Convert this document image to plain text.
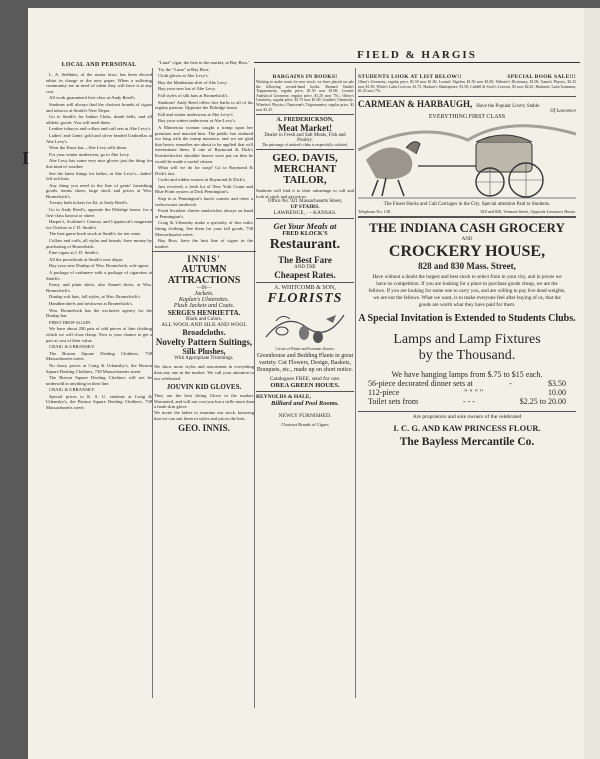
I
FIELD & HARGIS
LOCAL AND PERSONAL

L. A. Stebbins, of the senior laws, has been elected editor in charge or the new paper. When a suffering community are in need of talent they will have it at any cost.

All work guaranteed first-class at Andy Reed's.

Students will always find the choicest brands of cigars and tobacco at Smith's New Depot.

Go to Smith's for Indian Clubs, dumb bells, and all athletic goods. You will need them.

Leather tobacco and collars and cuff sets at Abe Levy's.

Ladies' and Gents' gold and silver headed Umbrellas at Abe Levy's.

Wear the Knox hat—Abe Levy sells them.

For your winter underwear, go to Abe Levy.

Abe Levy has some very nice gloves just the thing for this kind of weather.

See the latest things for ladies, at Abe Levy's—ladies' felt soft hats.

Any thing you need in the line of gents' furnishing goods, tennis shoes, large stock and prices at Wm. Bromelsick's.

Twenty bath tickets for $2, at Andy Reed's.

Go to Andy Reed's, opposite the Eldridge house, for a first-class haircut or shave.

Harper's, Scribner's Century and Lippincott's magazine for October at J. D. Smith's.

The best game book stock at Smith's for ten cents.

Collars and cuffs, all styles and brands. Save money by purchasing of Bromelsick.

Fine cigars at J. D. Smith's.

All the periodicals at Smith's new depot.

Buy your new Dunlap of Wm. Bromelsick, sole agent.

A package of cashmere with a package of cigarettes at Smith's.

Fancy and plain shirts, also flannel shirts, at Wm. Bromelsick's.

Dunlap soft hats, fall styles, at Wm. Bromelsick's.

Handkerchiefs and neckwear at Bromelsick's.

Wm. Bromelsick has the exclusive agency for the Dunlap hat.

FIRST DROP AGAIN.

We have about 200 pair of odd pieces of fine clothing which we will close cheap. Now is your chance to get a pair at cost of their value.

CRAIG & URBANSKY.

The Boston Square Dealing Clothiers, 738 Massachusetts street.

No fancy prices at Craig & Urbansky's, the Boston Square Dealing Clothiers, 738 Massachusetts street.

The Boston Square Dealing Clothiers will not be undersold in anything in their line.

CRAIG & URBANSKY.

Special prices to K. S. U. students at Craig & Urbansky's, the Boston Square Dealing Clothiers, 738 Massachusetts street.

"Luna" cigar, the best in the market, at Bay Bros.'

Try the "Luna" at Bay Bros.'

Cloth gloves at Abe Levy's.

Buy the Manhattan shirt of Abe Levy.

Buy your new hat of Abe Levy.

Fall styles of silk hats at Bromelsick's.

Students! Andy Reed offers free baths to all of his regular patrons. Opposite the Eldridge house.

Fall and winter underwear at Abe Levy's.

Buy your winter underwear at Abe Levy's.

A Minnesota woman caught a tramp upon her premises and married him. The public has endured too long with the tramp nuisance, and we are glad that heroic remedies are about to be applied that will exterminate them. If one of Raymond & Dick's Knickerbocker shoulder braces were put on him he would be made a useful citizen.

What will we do for soap? Go to Raymond & Dick's fast.

Corks and rubber erasers at Raymond & Dick's.

Just received, a fresh lot of New York Count and Blue Point oysters at Dick Pennington's.

Step in at Pennington's lunch counter and chew a welsorwurst sandwich.

Fresh Swizlzer cheese sandwiches always on hand at Pennington's.

Craig & Urbansky make a specialty of fine tailor fitting clothing. See them for your fall goods, 738 Massachusetts street.

Bay Bros. have the best line of cigars in the market.

INNIS'
AUTUMN ATTRACTIONS
—IN—
Jackets.
Kaplan's Ulsterettes.
Plush Jackets and Coats.
SERGES HENRIETTA.
Black and Colors.
ALL WOOL AND SILK AND WOOL
Broadcloths.
Novelty Pattern Suitings,
Silk Plushes,
With Appropriate Trimmings.
We show more styles and assortment in everything than any one in the market. We call your attention to our celebrated
JOUVIN KID GLOVES.
They are the best fitting Glove in the market. Warranted, and will not cost you but a trifle more than a lamb skin glove.
We invite the ladies to examine our stock, knowing that we can suit them in styles and prices the best.
GEO. INNIS.
BARGAINS IN BOOKS!
Wishing to make room for new stock, we have placed on sale the following second-hand books. Barnard Smith's Trigonometry, regular price, $1.50 now $1.00; Loomis' Analytical Geometry, regular price, $1.25 now 75c.; Olney's Geometry, regular price, $1.75 now $1.00; Gaudin's Chemistry; Wheeler's Physics; Chauvenet's Trigonometry, regular price, $2 now $1.25.
A. FREDERICKSON,
Meat Market!
Dealer in Fresh and Salt Meats, Fish and Poultry.
The patronage of student's clubs is respectfully solicited.
GEO. DAVIS,
MERCHANT TAILOR,
Students will find it to their advantage to call and look at stock and get prices.
Office No. 921 Massachusetts Street,
UP STAIRS.
LAWRENCE, - - KANSAS.
Get Your Meals at
FRED KLOCK'S
Restaurant.
The Best Fare
AND THE
Cheapest Rates.
A. WHITCOMB & SON,
FLORISTS
Cut are of Winter and Economic flowers.
Greenhouse and Bedding Plants in great variety. Cut Flowers, Design, Baskets, Bouquets, etc., made up on short notice.
Catalogues FREE, send for one.
OREA GREEN HOUES.
REYNOLDS & HALE,
Billiard and Pool Rooms.
NEWLY FURNISHED.
Choicest Brands of Cigars
STUDENTS LOOK AT LIST BELOW!!	SPECIAL BOOK SALE!!!
Olney's Geometry, regular price, $1.50 now $1.00; Loomis' Algebra, $1.50 now $1.00; Webster's Dictionary, $1.00; Ganot's Physics, $2.25 now $1.50; White's Latin Lexicon, $1.75; Hudson's Shakespeare, $1.50; Liddell & Scott's Lexicon, $3 now $2.25; Harkness' Latin Grammar, $1.25 now 75c.
CARMEAN & HARBAUGH, Have the Popular Livery Stable
Of Lawrence
EVERYTHING FIRST CLASS
The Finest Hacks and Call Carriages in the City. Special attention Paid to Students.
Telephone No. 138.	818 and 820, Vermont Street, Opposite Lawrence House.
THE INDIANA CASH GROCERY
AND
CROCKERY HOUSE,
828 and 830 Mass. Street,
Have without a doubt the largest and best stock to select from in your city, and in prices we have no competition. If you are looking for a place to purchase goods cheap, we are the fellows. If you are looking for some one to carry you, and are willing to pay live dead weights, we are not the fellows. What we want, is to make everyone feel after buying of us, that the goods are worth what they have paid for them.
A Special Invitation is Extended to Students Clubs.
Lamps and Lamp Fixtures
by the Thousand.
We have hanging lamps from $.75 to $15 each.
56-piece decorated dinner sets at	-	$3.50
112-piece	" " " "	10.00
Toilet sets from	- - -	$2.25 to 20.00
Are proprietors and sole owners of the celebrated
I. C. G. AND KAW PRINCESS FLOUR.
The Bayless Mercantile Co.
